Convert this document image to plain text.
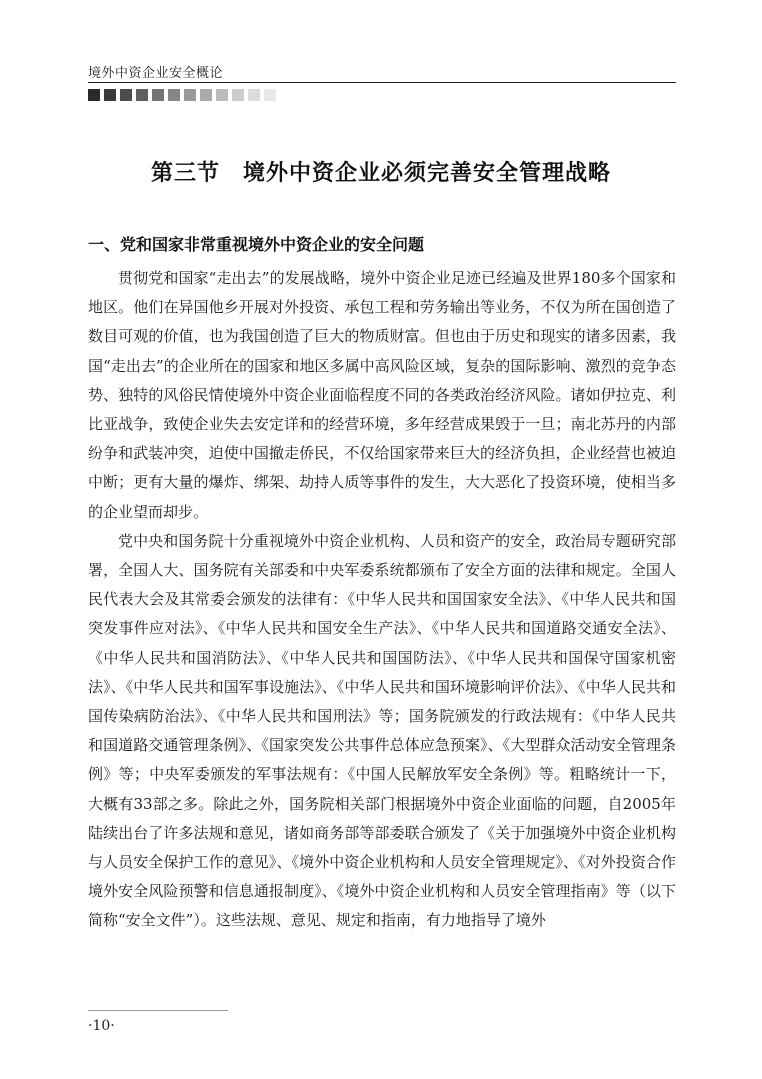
境外中资企业安全概论
第三节　境外中资企业必须完善安全管理战略
一、党和国家非常重视境外中资企业的安全问题

贯彻党和国家“走出去”的发展战略，境外中资企业足迹已经遍及世界180多个国家和地区。他们在异国他乡开展对外投资、承包工程和劳务输出等业务，不仅为所在国创造了数目可观的价值，也为我国创造了巨大的物质财富。但也由于历史和现实的诸多因素，我国“走出去”的企业所在的国家和地区多属中高风险区域，复杂的国际影响、激烈的竞争态势、独特的风俗民情使境外中资企业面临程度不同的各类政治经济风险。诸如伊拉克、利比亚战争，致使企业失去安定详和的经营环境，多年经营成果毁于一旦；南北苏丹的内部纷争和武装冲突，迫使中国撤走侨民，不仅给国家带来巨大的经济负担，企业经营也被迫中断；更有大量的爆炸、绑架、劫持人质等事件的发生，大大恶化了投资环境，使相当多的企业望而却步。

党中央和国务院十分重视境外中资企业机构、人员和资产的安全，政治局专题研究部署，全国人大、国务院有关部委和中央军委系统都颁布了安全方面的法律和规定。全国人民代表大会及其常委会颁发的法律有：《中华人民共和国国家安全法》、《中华人民共和国突发事件应对法》、《中华人民共和国安全生产法》、《中华人民共和国道路交通安全法》、《中华人民共和国消防法》、《中华人民共和国国防法》、《中华人民共和国保守国家机密法》、《中华人民共和国军事设施法》、《中华人民共和国环境影响评价法》、《中华人民共和国传染病防治法》、《中华人民共和国刑法》等；国务院颁发的行政法规有：《中华人民共和国道路交通管理条例》、《国家突发公共事件总体应急预案》、《大型群众活动安全管理条例》等；中央军委颁发的军事法规有：《中国人民解放军安全条例》等。粗略统计一下，大概有33部之多。除此之外，国务院相关部门根据境外中资企业面临的问题，自2005年陆续出台了许多法规和意见，诸如商务部等部委联合颁发了《关于加强境外中资企业机构与人员安全保护工作的意见》、《境外中资企业机构和人员安全管理规定》、《对外投资合作境外安全风险预警和信息通报制度》、《境外中资企业机构和人员安全管理指南》等（以下简称“安全文件”）。这些法规、意见、规定和指南，有力地指导了境外

·10·
